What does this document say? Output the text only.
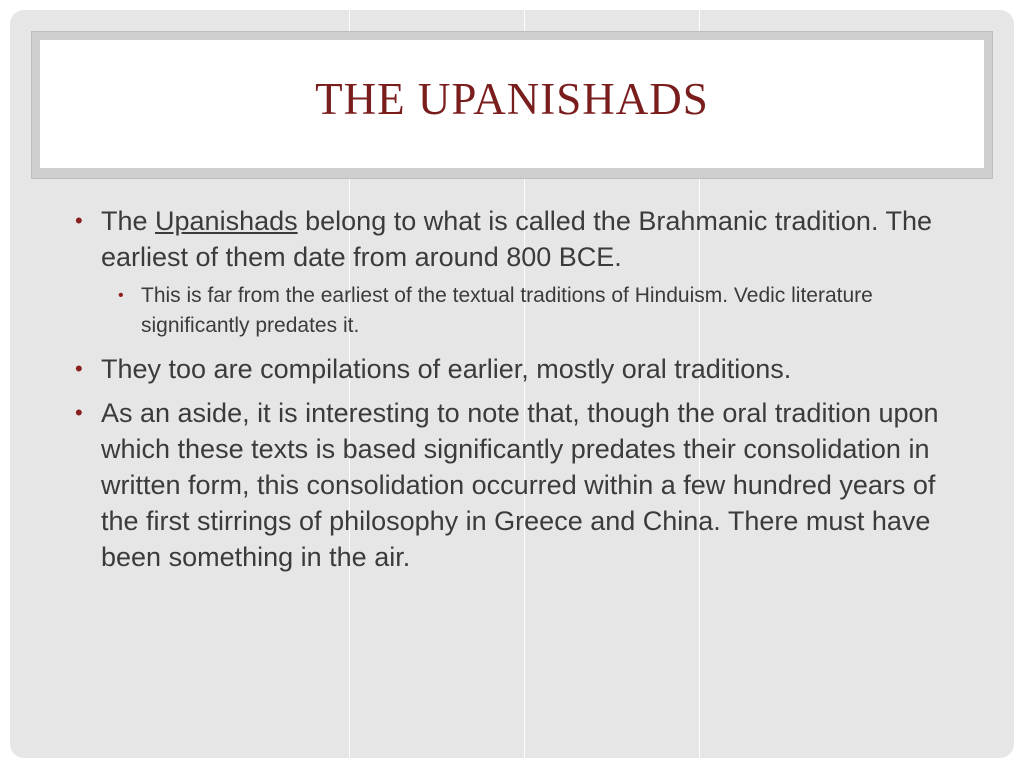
THE UPANISHADS
• The Upanishads belong to what is called the Brahmanic tradition. The earliest of them date from around 800 BCE.
• This is far from the earliest of the textual traditions of Hinduism. Vedic literature significantly predates it.
• They too are compilations of earlier, mostly oral traditions.
• As an aside, it is interesting to note that, though the oral tradition upon which these texts is based significantly predates their consolidation in written form, this consolidation occurred within a few hundred years of the first stirrings of philosophy in Greece and China. There must have been something in the air.
